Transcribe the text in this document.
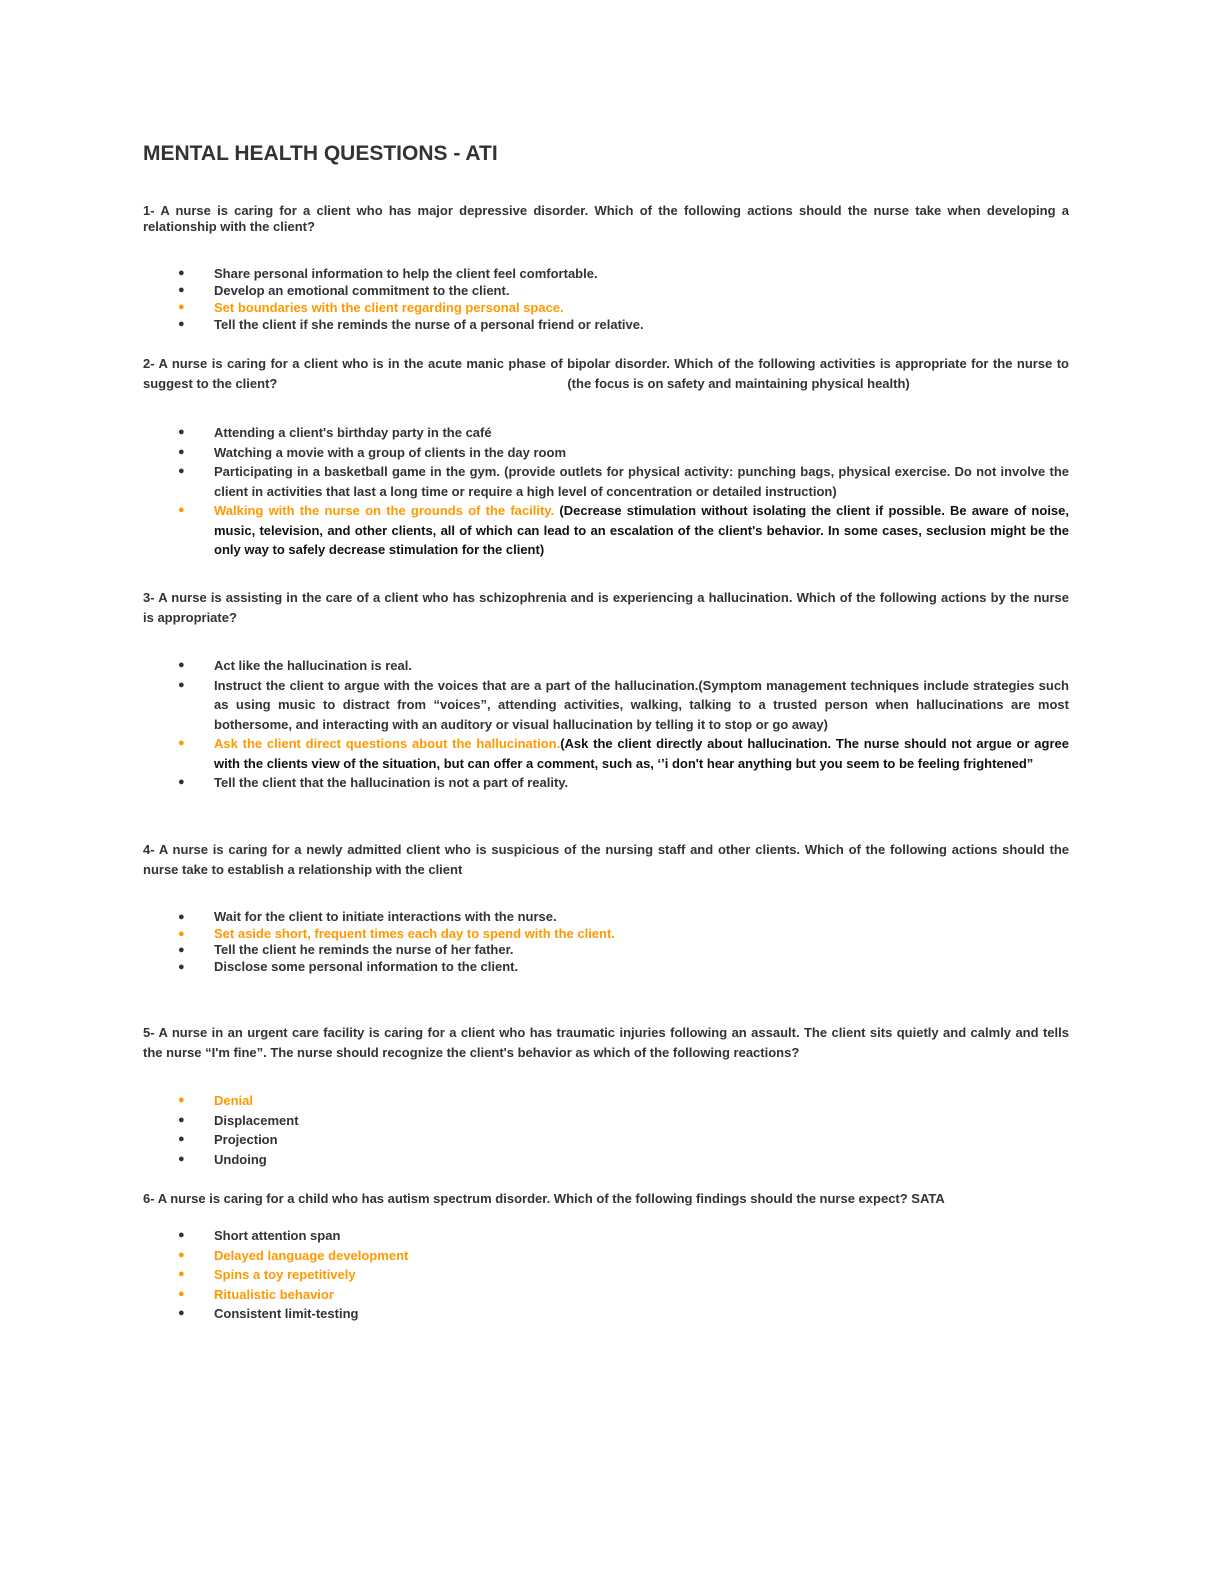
MENTAL HEALTH QUESTIONS - ATI

1- A nurse is caring for a client who has major depressive disorder. Which of the following actions should the nurse take when developing a relationship with the client?

● Share personal information to help the client feel comfortable.
● Develop an emotional commitment to the client.
● Set boundaries with the client regarding personal space.
● Tell the client if she reminds the nurse of a personal friend or relative.

2- A nurse is caring for a client who is in the acute manic phase of bipolar disorder. Which of the following activities is appropriate for the nurse to suggest to the client?	(the focus is on safety and maintaining physical health)

● Attending a client's birthday party in the café
● Watching a movie with a group of clients in the day room
● Participating in a basketball game in the gym. (provide outlets for physical activity: punching bags, physical exercise. Do not involve the client in activities that last a long time or require a high level of concentration or detailed instruction)
● Walking with the nurse on the grounds of the facility. (Decrease stimulation without isolating the client if possible. Be aware of noise, music, television, and other clients, all of which can lead to an escalation of the client's behavior. In some cases, seclusion might be the only way to safely decrease stimulation for the client)

3- A nurse is assisting in the care of a client who has schizophrenia and is experiencing a hallucination. Which of the following actions by the nurse is appropriate?

● Act like the hallucination is real.
● Instruct the client to argue with the voices that are a part of the hallucination.(Symptom management techniques include strategies such as using music to distract from “voices”, attending activities, walking, talking to a trusted person when hallucinations are most bothersome, and interacting with an auditory or visual hallucination by telling it to stop or go away)
● Ask the client direct questions about the hallucination.(Ask the client directly about hallucination. The nurse should not argue or agree with the clients view of the situation, but can offer a comment, such as, ‘’i don't hear anything but you seem to be feeling frightened”
● Tell the client that the hallucination is not a part of reality.

4- A nurse is caring for a newly admitted client who is suspicious of the nursing staff and other clients. Which of the following actions should the nurse take to establish a relationship with the client

● Wait for the client to initiate interactions with the nurse.
● Set aside short, frequent times each day to spend with the client.
● Tell the client he reminds the nurse of her father.
● Disclose some personal information to the client.

5- A nurse in an urgent care facility is caring for a client who has traumatic injuries following an assault. The client sits quietly and calmly and tells the nurse “I'm fine”. The nurse should recognize the client's behavior as which of the following reactions?

● Denial
● Displacement
● Projection
● Undoing

6- A nurse is caring for a child who has autism spectrum disorder. Which of the following findings should the nurse expect? SATA

● Short attention span
● Delayed language development
● Spins a toy repetitively
● Ritualistic behavior
● Consistent limit-testing
